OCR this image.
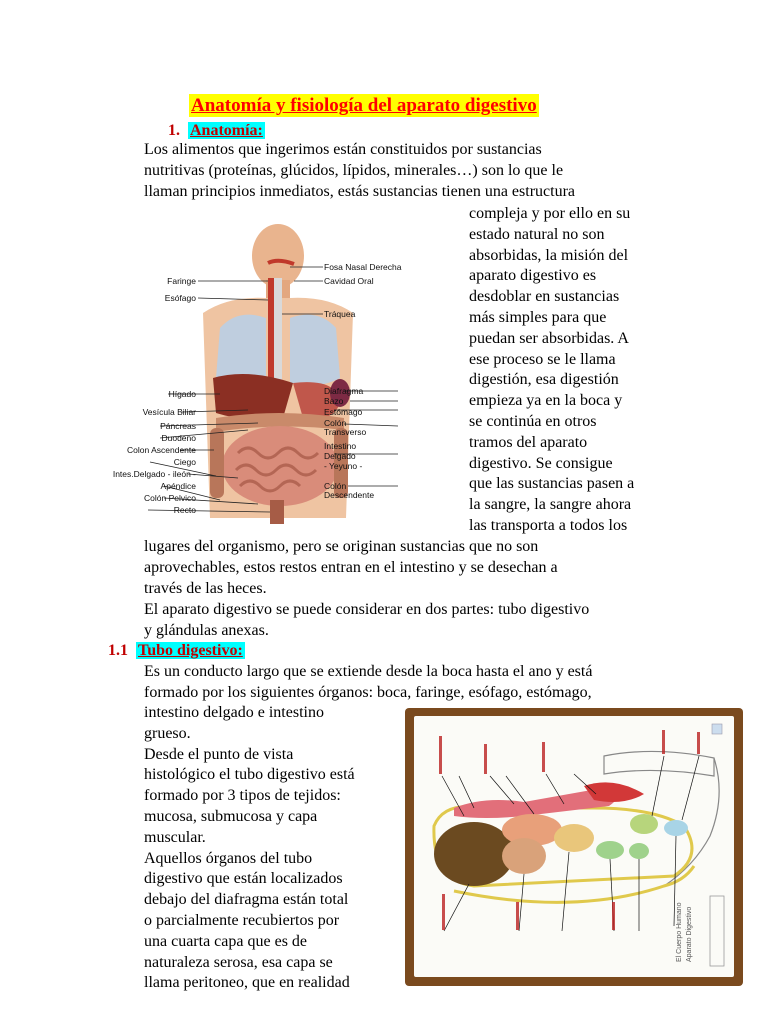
Anatomía y fisiología del aparato digestivo
1. Anatomía:
Los alimentos que ingerimos están constituidos por sustancias
nutritivas (proteínas, glúcidos, lípidos, minerales…) son lo que le
llaman principios inmediatos, estás sustancias tienen una estructura
compleja y por ello en su
estado natural no son
absorbidas, la misión del
aparato digestivo es
desdoblar en sustancias
más simples para que
puedan ser absorbidas. A
ese proceso se le llama
digestión, esa digestión
empieza ya en la boca y
se continúa en otros
tramos del aparato
digestivo. Se consigue
que las sustancias pasen a
la sangre, la sangre ahora
las transporta a todos los
Faringe
Esófago
Hígado
Vesícula Biliar
Páncreas
Duodeno
Colon Ascendente
Ciego
Intes.Delgado - ileón -
Apéndice
Colón Pelvico
Recto
Fosa Nasal Derecha
Cavidad Oral
Tráquea
Diafragma
Bazo
Estómago
Colón
Transverso
Intestino
Delgado
- Yeyuno -
Colón
Descendente
lugares del organismo, pero se originan sustancias que no son
aprovechables, estos restos entran en el intestino y se desechan a
través de las heces.
El aparato digestivo se puede considerar en dos partes: tubo digestivo
y glándulas anexas.
1.1 Tubo digestivo:
Es un conducto largo que se extiende desde la boca hasta el ano y está
formado por los siguientes órganos: boca, faringe, esófago, estómago,
intestino delgado e intestino
grueso.
Desde el punto de vista
histológico el tubo digestivo está
formado por 3 tipos de tejidos:
mucosa, submucosa y capa
muscular.
Aquellos órganos del tubo
digestivo que están localizados
debajo del diafragma están total
o parcialmente recubiertos por
una cuarta capa que es de
naturaleza serosa, esa capa se
llama peritoneo, que en realidad
El Cuerpo Humano Aparato Digestivo
